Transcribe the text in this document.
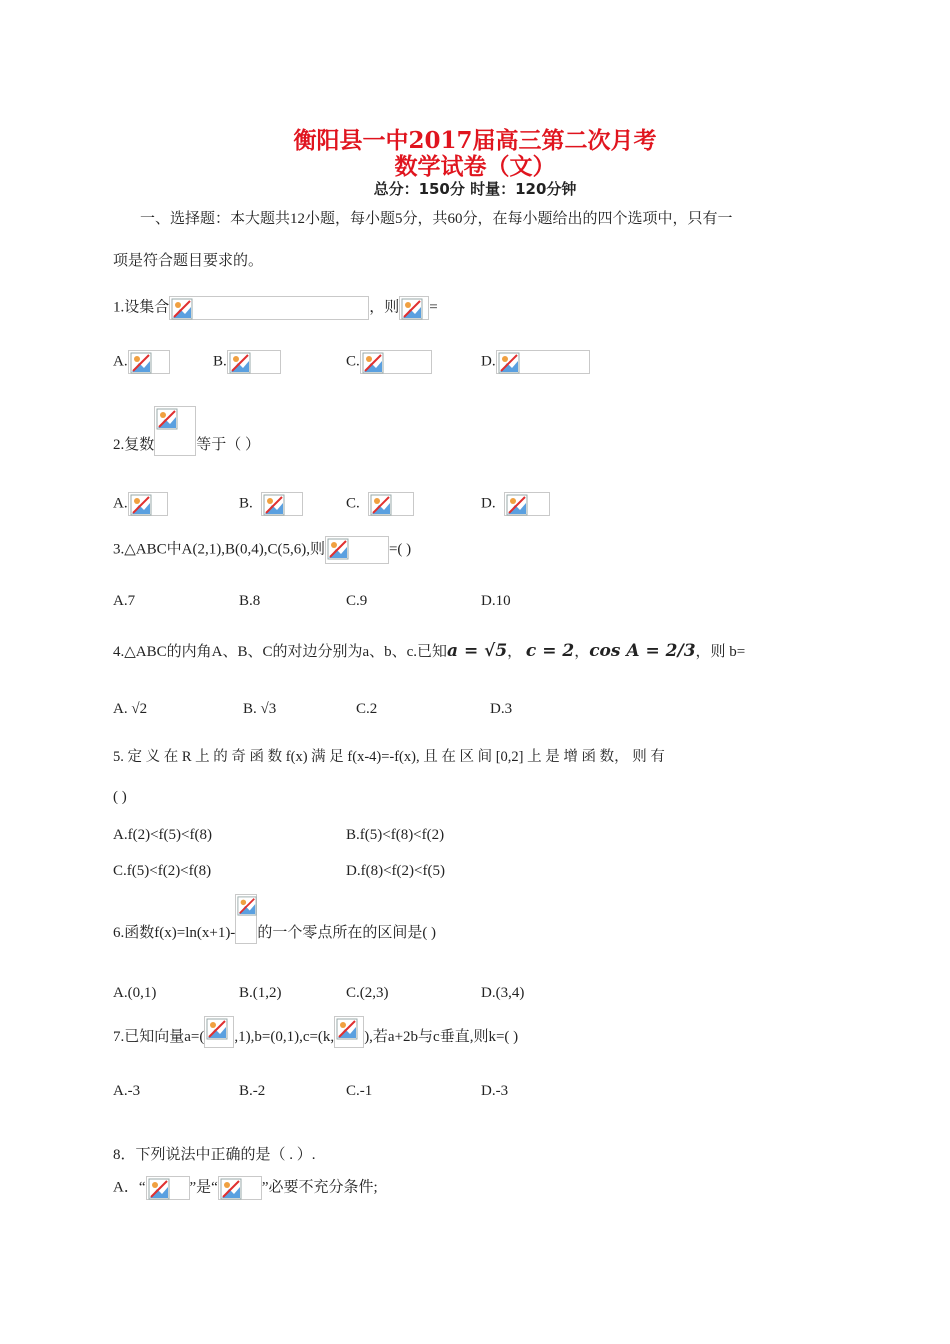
衡阳县一中2017届高三第二次月考
数学试卷（文）
总分：150分 时量：120分钟
一、选择题：本大题共12小题，每小题5分，共60分，在每小题给出的四个选项中，只有一
项是符合题目要求的。
1.设集合	，则 =
A.	B.	C.	D.
2.复数	等于（ ）
A.	B.	C.	D.
3.△ABC中A(2,1),B(0,4),C(5,6),则	=( )
A.7	B.8	C.9	D.10
4.△ABC的内角A、B、C的对边分别为a、b、c.已知a = √5， c = 2，cos A = 2/3，则 b=
A. √2	B. √3	C.2	D.3
5. 定 义 在 R 上 的 奇 函 数 f(x) 满 足 f(x-4)=-f(x), 且 在 区 间 [0,2] 上 是 增 函 数， 则 有
( )
A.f(2)<f(5)<f(8)	B.f(5)<f(8)<f(2)
C.f(5)<f(2)<f(8)	D.f(8)<f(2)<f(5)
6.函数f(x)=ln(x+1)- 的一个零点所在的区间是( )
A.(0,1)	B.(1,2)	C.(2,3)	D.(3,4)
7.已知向量a=( ,1),b=(0,1),c=(k, ),若a+2b与c垂直,则k=( )
A.-3	B.-2	C.-1	D.-3
8．下列说法中正确的是（ . ）.
A．“	”是“	”必要不充分条件;
